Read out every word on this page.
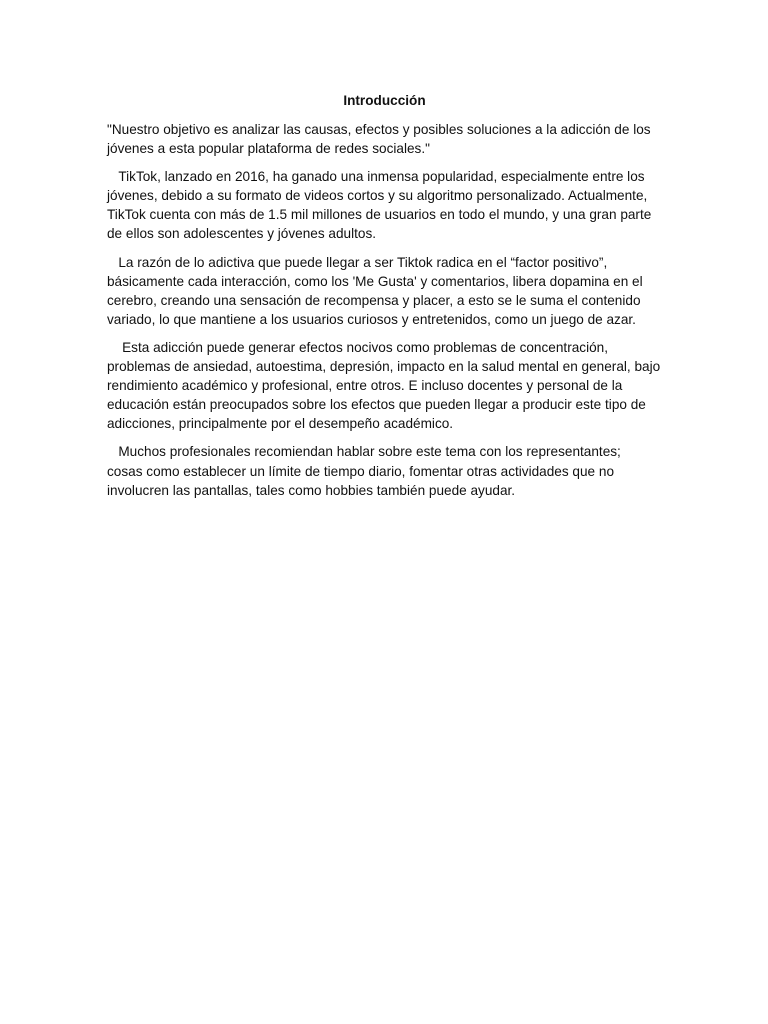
Introducción

"Nuestro objetivo es analizar las causas, efectos y posibles soluciones a la adicción de los jóvenes a esta popular plataforma de redes sociales."

TikTok, lanzado en 2016, ha ganado una inmensa popularidad, especialmente entre los jóvenes, debido a su formato de videos cortos y su algoritmo personalizado. Actualmente, TikTok cuenta con más de 1.5 mil millones de usuarios en todo el mundo, y una gran parte de ellos son adolescentes y jóvenes adultos.

La razón de lo adictiva que puede llegar a ser Tiktok radica en el “factor positivo”, básicamente cada interacción, como los 'Me Gusta' y comentarios, libera dopamina en el cerebro, creando una sensación de recompensa y placer, a esto se le suma el contenido variado, lo que mantiene a los usuarios curiosos y entretenidos, como un juego de azar.

Esta adicción puede generar efectos nocivos como problemas de concentración, problemas de ansiedad, autoestima, depresión, impacto en la salud mental en general, bajo rendimiento académico y profesional, entre otros. E incluso docentes y personal de la educación están preocupados sobre los efectos que pueden llegar a producir este tipo de adicciones, principalmente por el desempeño académico.

Muchos profesionales recomiendan hablar sobre este tema con los representantes;  cosas como establecer un límite de tiempo diario, fomentar otras actividades que no involucren las pantallas, tales como hobbies también puede ayudar.
